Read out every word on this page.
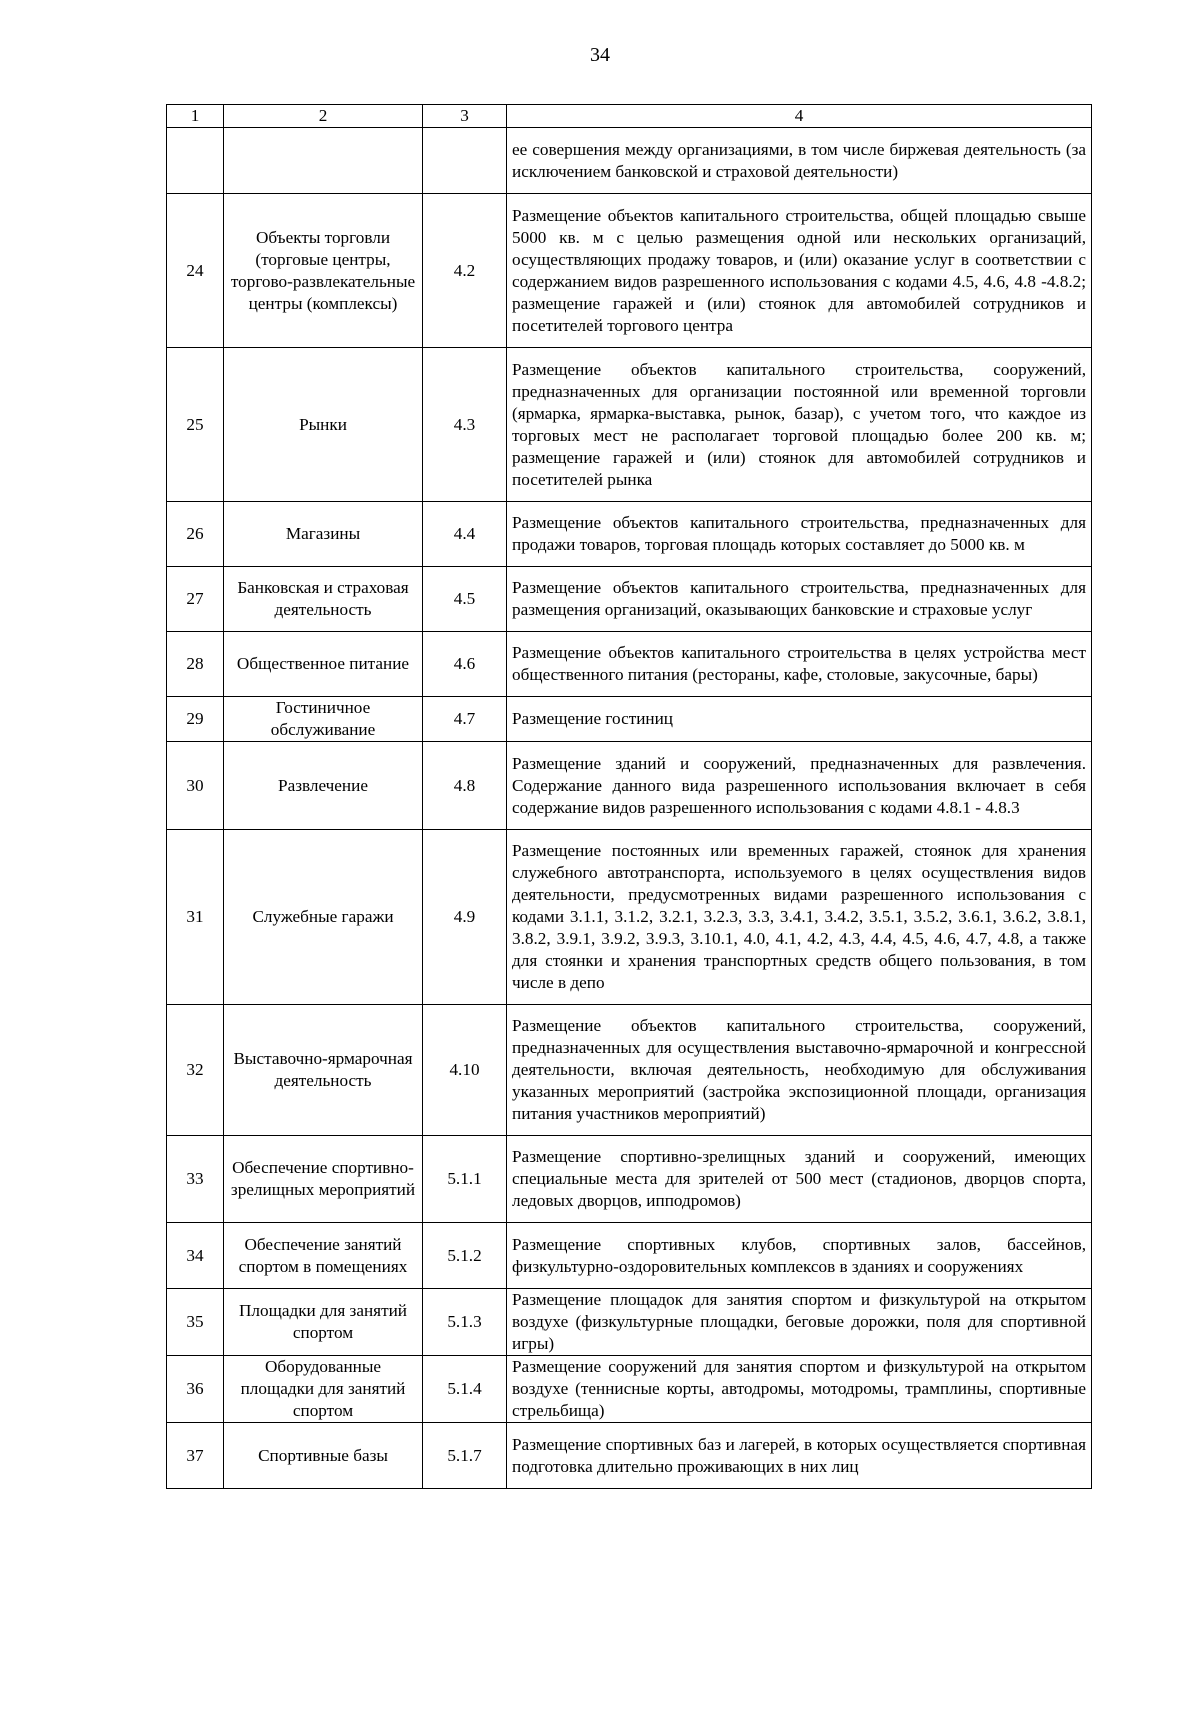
34
1	2	3	4
			ее совершения между организациями, в том числе биржевая деятельность (за исключением банковской и страховой деятельности)
24	Объекты торговли (торговые центры, торгово-развлекательные центры (комплексы)	4.2	Размещение объектов капитального строительства, общей площадью свыше 5000 кв. м с целью размещения одной или нескольких организаций, осуществляющих продажу товаров, и (или) оказание услуг в соответствии с содержанием видов разрешенного использования с кодами 4.5, 4.6, 4.8 -4.8.2; размещение гаражей и (или) стоянок для автомобилей сотрудников и посетителей торгового центра
25	Рынки	4.3	Размещение объектов капитального строительства, сооружений, предназначенных для организации постоянной или временной торговли (ярмарка, ярмарка-выставка, рынок, базар), с учетом того, что каждое из торговых мест не располагает торговой площадью более 200 кв. м; размещение гаражей и (или) стоянок для автомобилей сотрудников и посетителей рынка
26	Магазины	4.4	Размещение объектов капитального строительства, предназначенных для продажи товаров, торговая площадь которых составляет до 5000 кв. м
27	Банковская и страховая деятельность	4.5	Размещение объектов капитального строительства, предназначенных для размещения организаций, оказывающих банковские и страховые услуг
28	Общественное питание	4.6	Размещение объектов капитального строительства в целях устройства мест общественного питания (рестораны, кафе, столовые, закусочные, бары)
29	Гостиничное обслуживание	4.7	Размещение гостиниц
30	Развлечение	4.8	Размещение зданий и сооружений, предназначенных для развлечения. Содержание данного вида разрешенного использования включает в себя содержание видов разрешенного использования с кодами 4.8.1 - 4.8.3
31	Служебные гаражи	4.9	Размещение постоянных или временных гаражей, стоянок для хранения служебного автотранспорта, используемого в целях осуществления видов деятельности, предусмотренных видами разрешенного использования с кодами 3.1.1, 3.1.2, 3.2.1, 3.2.3, 3.3, 3.4.1, 3.4.2, 3.5.1, 3.5.2, 3.6.1, 3.6.2, 3.8.1, 3.8.2, 3.9.1, 3.9.2, 3.9.3, 3.10.1, 4.0, 4.1, 4.2, 4.3, 4.4, 4.5, 4.6, 4.7, 4.8, а также для стоянки и хранения транспортных средств общего пользования, в том числе в депо
32	Выставочно-ярмарочная деятельность	4.10	Размещение объектов капитального строительства, сооружений, предназначенных для осуществления выставочно-ярмарочной и конгрессной деятельности, включая деятельность, необходимую для обслуживания указанных мероприятий (застройка экспозиционной площади, организация питания участников мероприятий)
33	Обеспечение спортивно-зрелищных мероприятий	5.1.1	Размещение спортивно-зрелищных зданий и сооружений, имеющих специальные места для зрителей от 500 мест (стадионов, дворцов спорта, ледовых дворцов, ипподромов)
34	Обеспечение занятий спортом в помещениях	5.1.2	Размещение спортивных клубов, спортивных залов, бассейнов, физкультурно-оздоровительных комплексов в зданиях и сооружениях
35	Площадки для занятий спортом	5.1.3	Размещение площадок для занятия спортом и физкультурой на открытом воздухе (физкультурные площадки, беговые дорожки, поля для спортивной игры)
36	Оборудованные площадки для занятий спортом	5.1.4	Размещение сооружений для занятия спортом и физкультурой на открытом воздухе (теннисные корты, автодромы, мотодромы, трамплины, спортивные стрельбища)
37	Спортивные базы	5.1.7	Размещение спортивных баз и лагерей, в которых осуществляется спортивная подготовка длительно проживающих в них лиц
